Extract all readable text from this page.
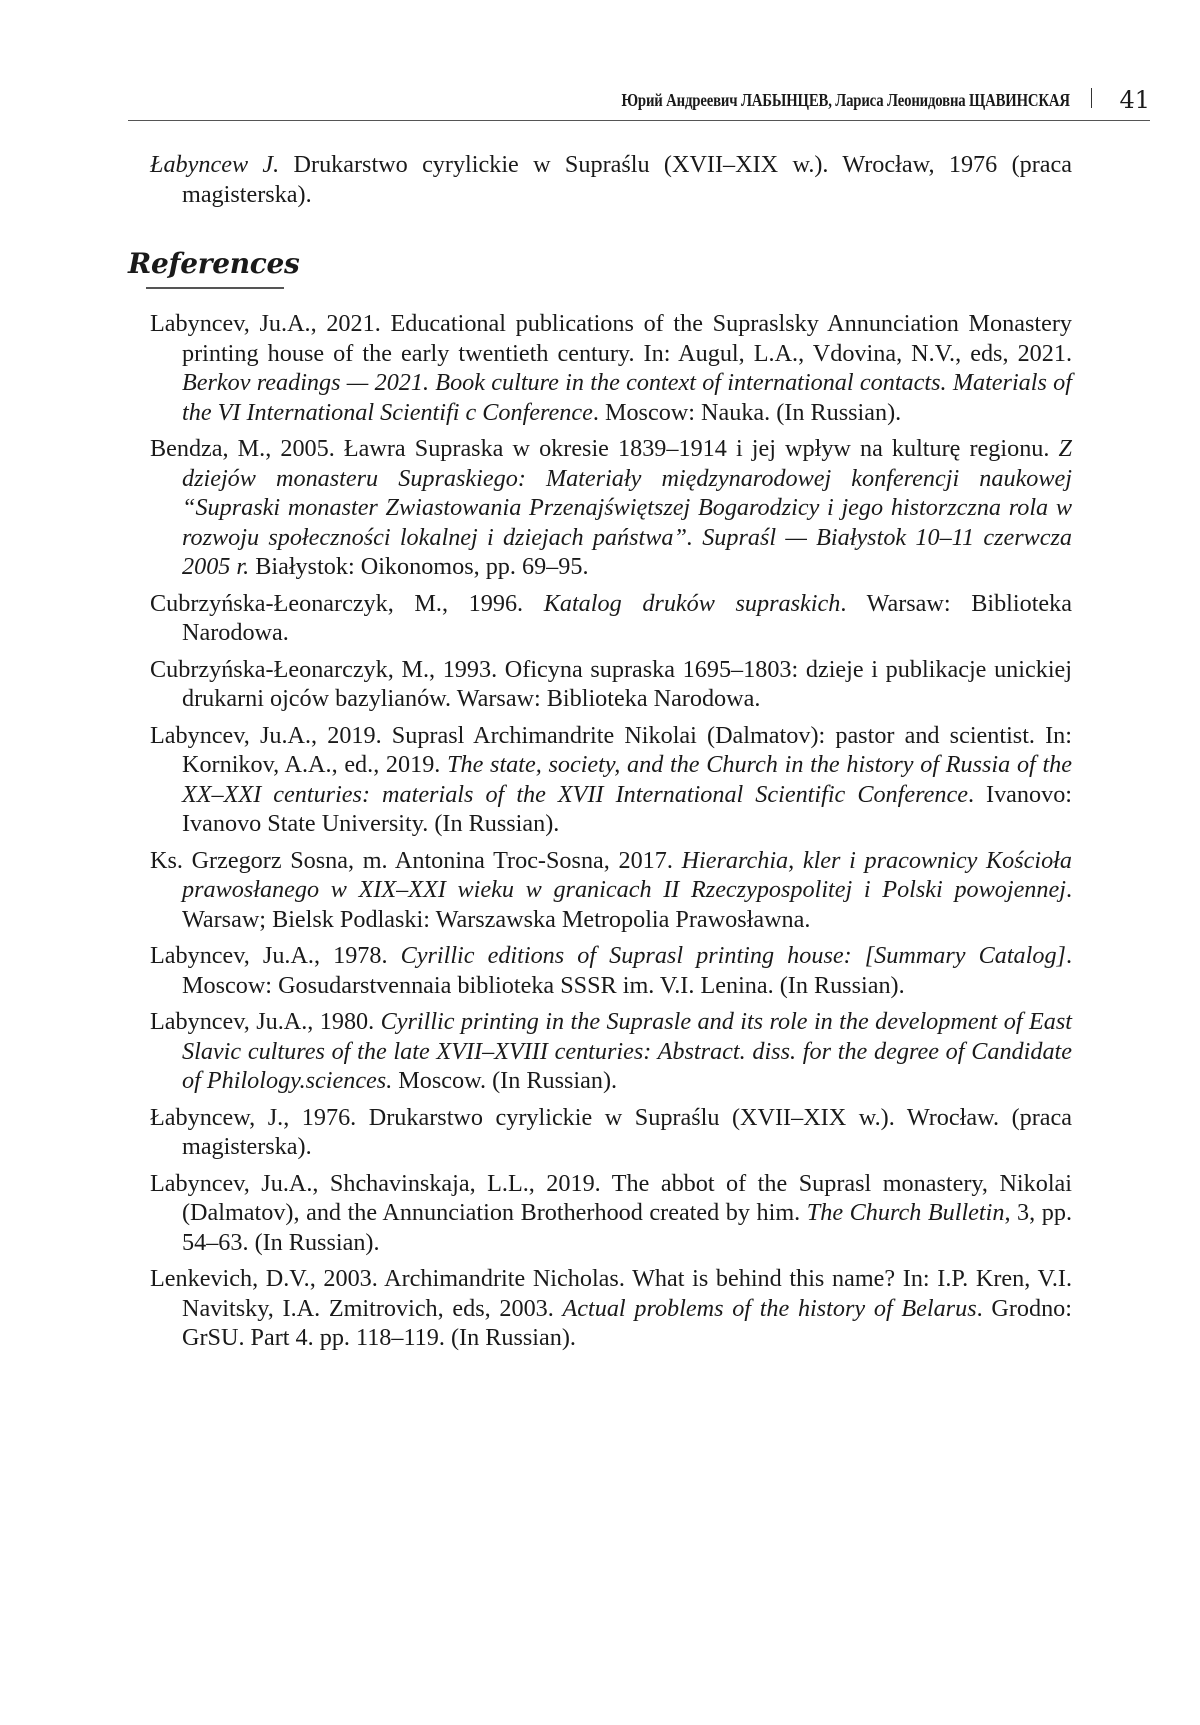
Юрий Андреевич ЛАБЫНЦЕВ, Лариса Леонидовна ЩАВИНСКАЯ 41

Łabyncew J. Drukarstwo cyrylickie w Supraślu (XVII–XIX w.). Wrocław, 1976 (praca magisterska).

References

Labyncev, Ju.A., 2021. Educational publications of the Supraslsky Annunciation Monastery printing house of the early twentieth century. In: Augul, L.A., Vdovina, N.V., eds, 2021. Berkov readings — 2021. Book culture in the context of international contacts. Materials of the VI International Scientifi c Conference. Moscow: Nauka. (In Russian).

Bendza, M., 2005. Ławra Supraska w okresie 1839–1914 i jej wpływ na kulturę regionu. Z dziejów monasteru Supraskiego: Materiały międzynarodowej konferencji naukowej “Supraski monaster Zwiastowania Przenajświętszej Bogarodzicy i jego historzczna rola w rozwoju społeczności lokalnej i dziejach państwa”. Supraśl — Białystok 10–11 czerwcza 2005 r. Białystok: Oikonomos, pp. 69–95.

Cubrzyńska-Łeonarczyk, M., 1996. Katalog druków supraskich. Warsaw: Biblioteka Narodowa.

Cubrzyńska-Łeonarczyk, M., 1993. Oficyna supraska 1695–1803: dzieje i publikacje unickiej drukarni ojców bazylianów. Warsaw: Biblioteka Narodowa.

Labyncev, Ju.A., 2019. Suprasl Archimandrite Nikolai (Dalmatov): pastor and scientist. In: Kornikov, A.A., ed., 2019. The state, society, and the Church in the history of Russia of the XX–XXI centuries: materials of the XVII International Scientific Conference. Ivanovo: Ivanovo State University. (In Russian).

Ks. Grzegorz Sosna, m. Antonina Troc-Sosna, 2017. Hierarchia, kler i pracownicy Kościoła prawosłanego w XIX–XXI wieku w granicach II Rzeczypospolitej i Polski powojennej. Warsaw; Bielsk Podlaski: Warszawska Metropolia Prawosławna.

Labyncev, Ju.A., 1978. Cyrillic editions of Suprasl printing house: [Summary Catalog]. Moscow: Gosudarstvennaia biblioteka SSSR im. V.I. Lenina. (In Russian).

Labyncev, Ju.A., 1980. Cyrillic printing in the Suprasle and its role in the development of East Slavic cultures of the late XVII–XVIII centuries: Abstract. diss. for the degree of Candidate of Philology.sciences. Moscow. (In Russian).

Łabyncew, J., 1976. Drukarstwo cyrylickie w Supraślu (XVII–XIX w.). Wrocław. (praca magisterska).

Labyncev, Ju.A., Shchavinskaja, L.L., 2019. The abbot of the Suprasl monastery, Nikolai (Dalmatov), and the Annunciation Brotherhood created by him. The Church Bulletin, 3, pp. 54–63. (In Russian).

Lenkevich, D.V., 2003. Archimandrite Nicholas. What is behind this name? In: I.P. Kren, V.I. Navitsky, I.A. Zmitrovich, eds, 2003. Actual problems of the history of Belarus. Grodno: GrSU. Part 4. pp. 118–119. (In Russian).
